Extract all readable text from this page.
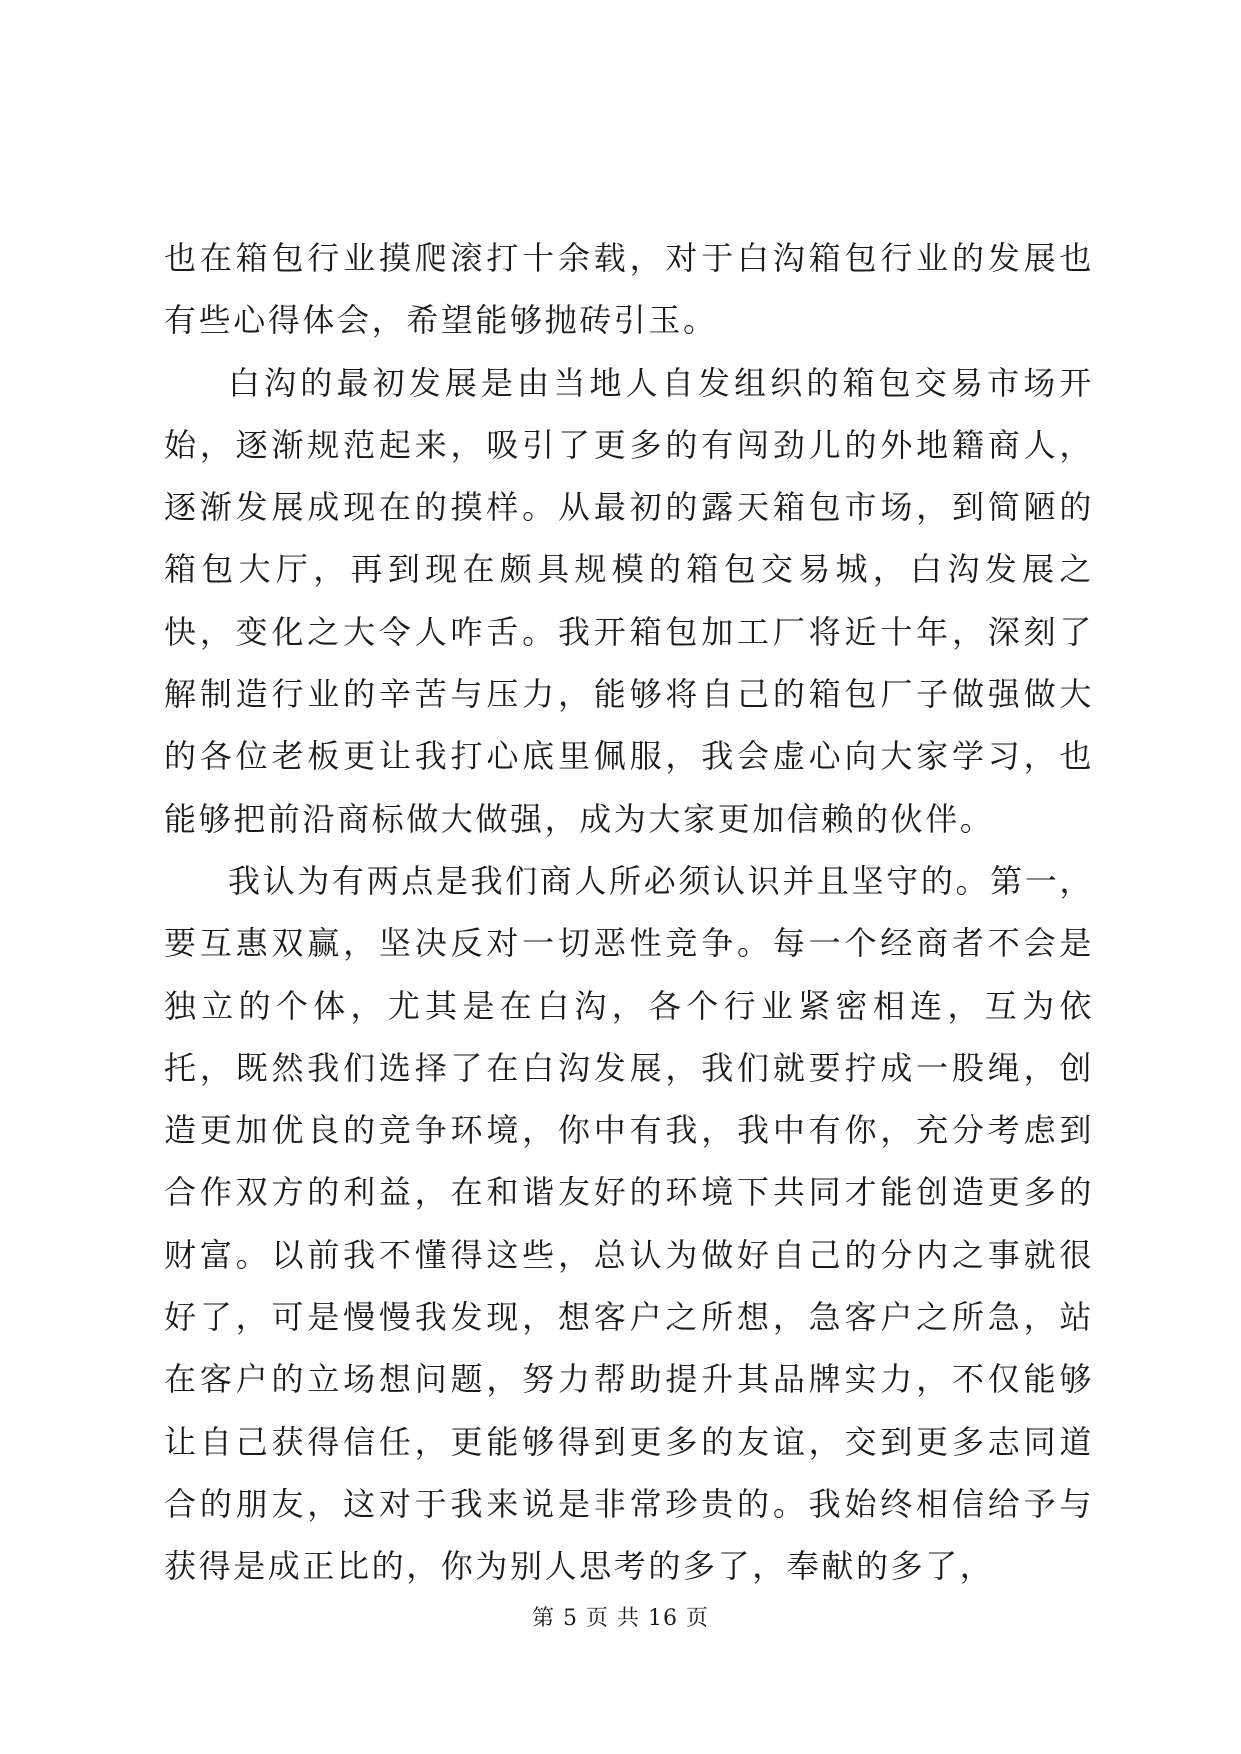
也在箱包行业摸爬滚打十余载，对于白沟箱包行业的发展也有些心得体会，希望能够抛砖引玉。

白沟的最初发展是由当地人自发组织的箱包交易市场开始，逐渐规范起来，吸引了更多的有闯劲儿的外地籍商人，逐渐发展成现在的摸样。从最初的露天箱包市场，到简陋的箱包大厅，再到现在颇具规模的箱包交易城，白沟发展之快，变化之大令人咋舌。我开箱包加工厂将近十年，深刻了解制造行业的辛苦与压力，能够将自己的箱包厂子做强做大的各位老板更让我打心底里佩服，我会虚心向大家学习，也能够把前沿商标做大做强，成为大家更加信赖的伙伴。

我认为有两点是我们商人所必须认识并且坚守的。第一，要互惠双赢，坚决反对一切恶性竞争。每一个经商者不会是独立的个体，尤其是在白沟，各个行业紧密相连，互为依托，既然我们选择了在白沟发展，我们就要拧成一股绳，创造更加优良的竞争环境，你中有我，我中有你，充分考虑到合作双方的利益，在和谐友好的环境下共同才能创造更多的财富。以前我不懂得这些，总认为做好自己的分内之事就很好了，可是慢慢我发现，想客户之所想，急客户之所急，站在客户的立场想问题，努力帮助提升其品牌实力，不仅能够让自己获得信任，更能够得到更多的友谊，交到更多志同道合的朋友，这对于我来说是非常珍贵的。我始终相信给予与获得是成正比的，你为别人思考的多了，奉献的多了，

第 5 页 共 16 页
